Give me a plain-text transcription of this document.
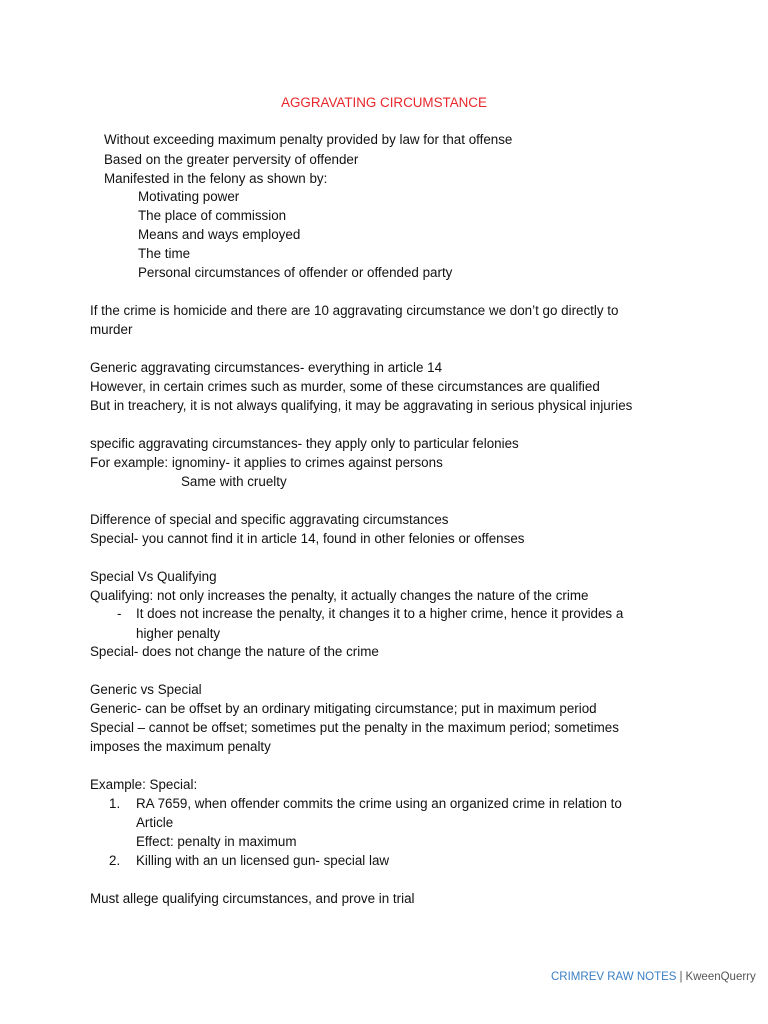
AGGRAVATING CIRCUMSTANCE
Without exceeding maximum penalty provided by law for that offense
Based on the greater perversity of offender
Manifested in the felony as shown by:
Motivating power
The place of commission
Means and ways employed
The time
Personal circumstances of offender or offended party
If the crime is homicide and there are 10 aggravating circumstance we don’t go directly to
murder
Generic aggravating circumstances- everything in article 14
However, in certain crimes such as murder, some of these circumstances are qualified
But in treachery, it is not always qualifying, it may be aggravating in serious physical injuries
specific aggravating circumstances- they apply only to particular felonies
For example: ignominy- it applies to crimes against persons
Same with cruelty
Difference of special and specific aggravating circumstances
Special- you cannot find it in article 14, found in other felonies or offenses
Special Vs Qualifying
Qualifying: not only increases the penalty, it actually changes the nature of the crime
- It does not increase the penalty, it changes it to a higher crime, hence it provides a
higher penalty
Special- does not change the nature of the crime
Generic vs Special
Generic- can be offset by an ordinary mitigating circumstance; put in maximum period
Special – cannot be offset; sometimes put the penalty in the maximum period; sometimes
imposes the maximum penalty
Example: Special:
1. RA 7659, when offender commits the crime using an organized crime in relation to
Article
Effect: penalty in maximum
2. Killing with an un licensed gun- special law
Must allege qualifying circumstances, and prove in trial
CRIMREV RAW NOTES | KweenQuerry
